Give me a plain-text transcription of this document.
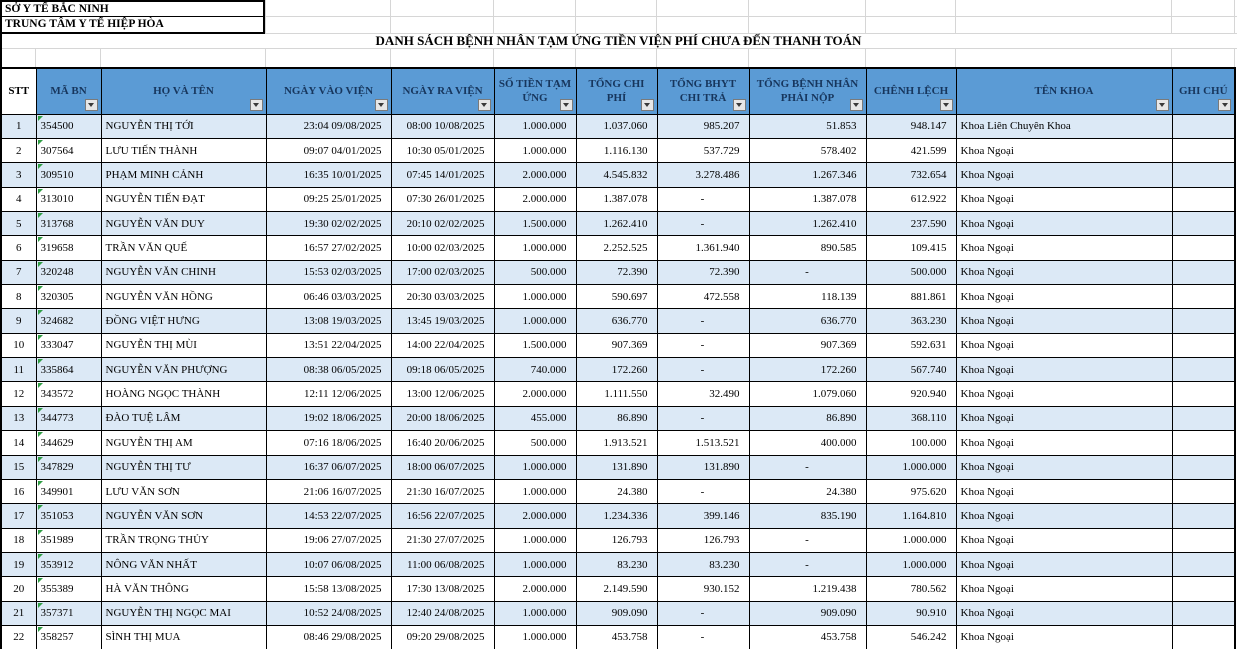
SỞ Y TẾ BẮC NINH
TRUNG TÂM Y TẾ HIỆP HÒA
DANH SÁCH BỆNH NHÂN TẠM ỨNG TIỀN VIỆN PHÍ CHƯA ĐẾN THANH TOÁN
STT	MÃ BN	HỌ VÀ TÊN	NGÀY VÀO VIỆN	NGÀY RA VIỆN	SỐ TIỀN TẠM ỨNG	TỔNG CHI PHÍ	TỔNG BHYT CHI TRẢ	TỔNG BỆNH NHÂN PHẢI NỘP	CHÊNH LỆCH	TÊN KHOA	GHI CHÚ

1	354500	NGUYỄN THỊ TỚI	23:04 09/08/2025	08:00 10/08/2025	1.000.000	1.037.060	985.207	51.853	948.147	Khoa Liên Chuyên Khoa	
2	307564	LƯU TIẾN THÀNH	09:07 04/01/2025	10:30 05/01/2025	1.000.000	1.116.130	537.729	578.402	421.599	Khoa Ngoại	
3	309510	PHẠM MINH CẢNH	16:35 10/01/2025	07:45 14/01/2025	2.000.000	4.545.832	3.278.486	1.267.346	732.654	Khoa Ngoại	
4	313010	NGUYỄN TIẾN ĐẠT	09:25 25/01/2025	07:30 26/01/2025	2.000.000	1.387.078	-	1.387.078	612.922	Khoa Ngoại	
5	313768	NGUYỄN VĂN DUY	19:30 02/02/2025	20:10 02/02/2025	1.500.000	1.262.410	-	1.262.410	237.590	Khoa Ngoại	
6	319658	TRẦN VĂN QUẾ	16:57 27/02/2025	10:00 02/03/2025	1.000.000	2.252.525	1.361.940	890.585	109.415	Khoa Ngoại	
7	320248	NGUYỄN VĂN CHINH	15:53 02/03/2025	17:00 02/03/2025	500.000	72.390	72.390	-	500.000	Khoa Ngoại	
8	320305	NGUYỄN VĂN HỒNG	06:46 03/03/2025	20:30 03/03/2025	1.000.000	590.697	472.558	118.139	881.861	Khoa Ngoại	
9	324682	ĐỒNG VIỆT HƯNG	13:08 19/03/2025	13:45 19/03/2025	1.000.000	636.770	-	636.770	363.230	Khoa Ngoại	
10	333047	NGUYỄN THỊ MÙI	13:51 22/04/2025	14:00 22/04/2025	1.500.000	907.369	-	907.369	592.631	Khoa Ngoại	
11	335864	NGUYỄN VĂN PHƯỢNG	08:38 06/05/2025	09:18 06/05/2025	740.000	172.260	-	172.260	567.740	Khoa Ngoại	
12	343572	HOÀNG NGỌC THÀNH	12:11 12/06/2025	13:00 12/06/2025	2.000.000	1.111.550	32.490	1.079.060	920.940	Khoa Ngoại	
13	344773	ĐÀO TUỆ LÂM	19:02 18/06/2025	20:00 18/06/2025	455.000	86.890	-	86.890	368.110	Khoa Ngoại	
14	344629	NGUYỄN THỊ AM	07:16 18/06/2025	16:40 20/06/2025	500.000	1.913.521	1.513.521	400.000	100.000	Khoa Ngoại	
15	347829	NGUYỄN THỊ TƯ	16:37 06/07/2025	18:00 06/07/2025	1.000.000	131.890	131.890	-	1.000.000	Khoa Ngoại	
16	349901	LƯU VĂN SƠN	21:06 16/07/2025	21:30 16/07/2025	1.000.000	24.380	-	24.380	975.620	Khoa Ngoại	
17	351053	NGUYỄN VĂN SƠN	14:53 22/07/2025	16:56 22/07/2025	2.000.000	1.234.336	399.146	835.190	1.164.810	Khoa Ngoại	
18	351989	TRẦN TRỌNG THỦY	19:06 27/07/2025	21:30 27/07/2025	1.000.000	126.793	126.793	-	1.000.000	Khoa Ngoại	
19	353912	NÔNG VĂN NHẤT	10:07 06/08/2025	11:00 06/08/2025	1.000.000	83.230	83.230	-	1.000.000	Khoa Ngoại	
20	355389	HÀ VĂN THÔNG	15:58 13/08/2025	17:30 13/08/2025	2.000.000	2.149.590	930.152	1.219.438	780.562	Khoa Ngoại	
21	357371	NGUYỄN THỊ NGỌC MAI	10:52 24/08/2025	12:40 24/08/2025	1.000.000	909.090	-	909.090	90.910	Khoa Ngoại	
22	358257	SÌNH THỊ MUA	08:46 29/08/2025	09:20 29/08/2025	1.000.000	453.758	-	453.758	546.242	Khoa Ngoại	
